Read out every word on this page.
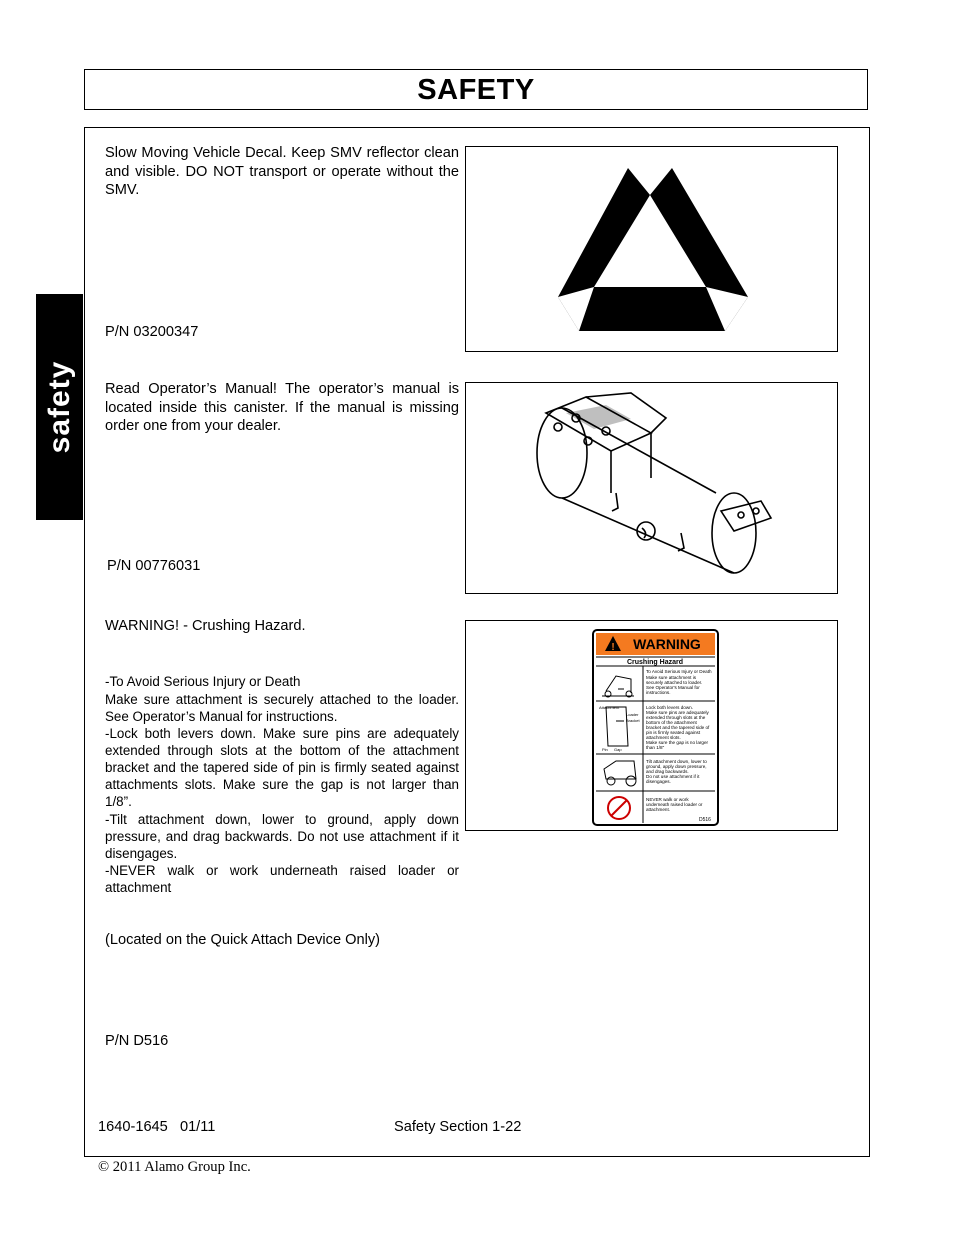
SAFETY
safety
Slow Moving Vehicle Decal. Keep SMV reflector clean and visible. DO NOT transport or operate without the SMV.
P/N 03200347
Read Operator’s Manual! The operator’s manual is located inside this canister. If the manual is missing order one from your dealer.
P/N 00776031
WARNING! - Crushing Hazard.
-To Avoid Serious Injury or Death
Make sure attachment is securely attached to the loader. See Operator’s Manual for instructions.
-Lock both levers down. Make sure pins are adequately extended through slots at the bottom of the attachment bracket and the tapered side of pin is firmly seated against attachments slots. Make sure the gap is not larger than 1/8”.
-Tilt attachment down, lower to ground, apply down pressure, and drag backwards. Do not use attachment if it disengages.
-NEVER walk or work underneath raised loader or attachment
(Located on the Quick Attach Device Only)
P/N D516
! WARNING
Crushing Hazard
Attachment
Loader
Bracket
Pin Gap
To Avoid Serious Injury or Death
Make sure attachment is
securely attached to loader.
See Operator's Manual for
instructions.
Lock both levers down.
Make sure pins are adequately
extended through slots at the
bottom of the attachment
bracket and the tapered side of
pin is firmly seated against
attachment slots.
Make sure the gap is no larger
than 1/8"
Tilt attachment down, lower to
ground, apply down pressure,
and drag backwards.
Do not use attachment if it
disengages.
NEVER walk or work
underneath raised loader or
attachment.
D516
1640-1645   01/11	Safety Section 1-22
© 2011 Alamo Group Inc.
